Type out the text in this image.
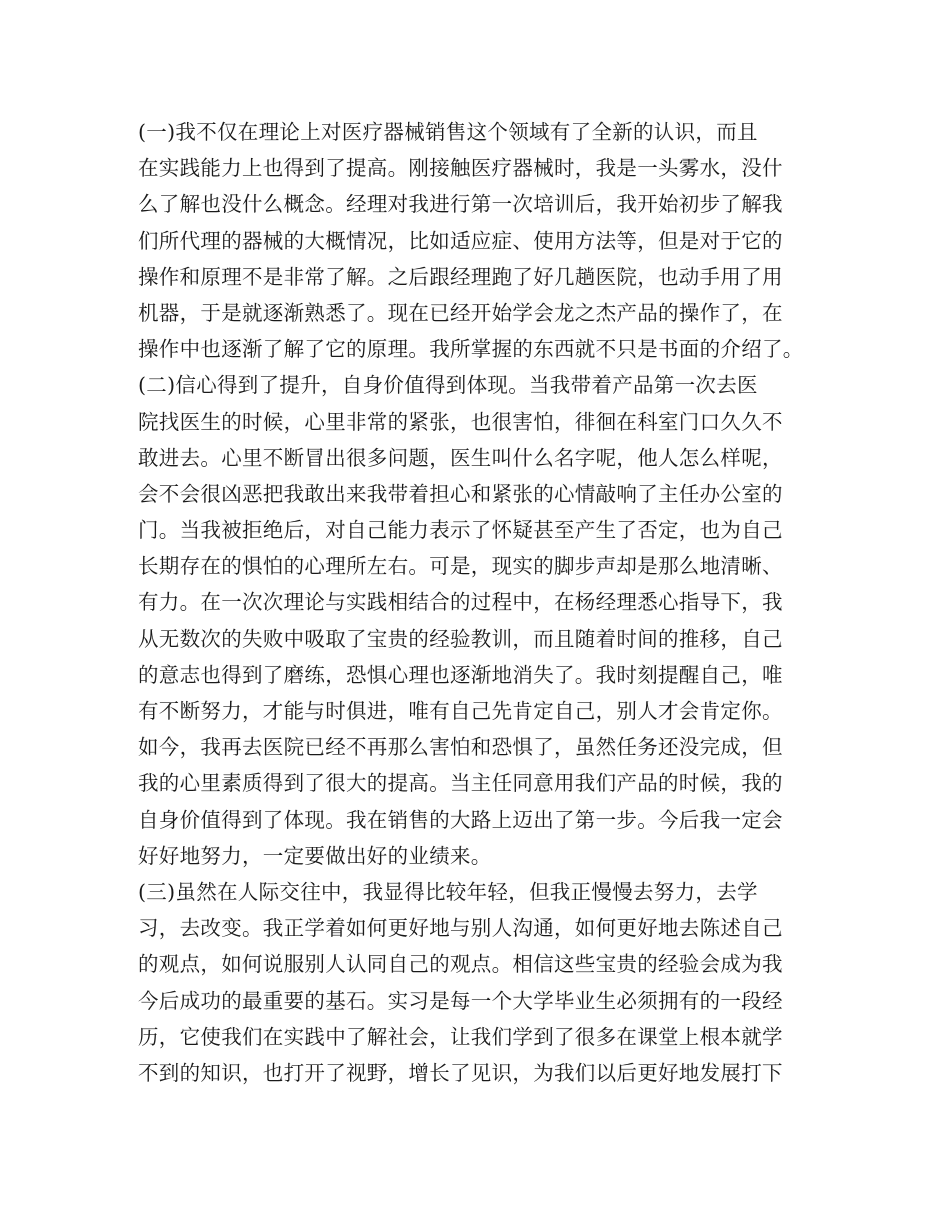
(一)我不仅在理论上对医疗器械销售这个领域有了全新的认识，而且
在实践能力上也得到了提高。刚接触医疗器械时，我是一头雾水，没什
么了解也没什么概念。经理对我进行第一次培训后，我开始初步了解我
们所代理的器械的大概情况，比如适应症、使用方法等，但是对于它的
操作和原理不是非常了解。之后跟经理跑了好几趟医院，也动手用了用
机器，于是就逐渐熟悉了。现在已经开始学会龙之杰产品的操作了，在
操作中也逐渐了解了它的原理。我所掌握的东西就不只是书面的介绍了。
(二)信心得到了提升，自身价值得到体现。当我带着产品第一次去医
院找医生的时候，心里非常的紧张，也很害怕，徘徊在科室门口久久不
敢进去。心里不断冒出很多问题，医生叫什么名字呢，他人怎么样呢，
会不会很凶恶把我敢出来我带着担心和紧张的心情敲响了主任办公室的
门。当我被拒绝后，对自己能力表示了怀疑甚至产生了否定，也为自己
长期存在的惧怕的心理所左右。可是，现实的脚步声却是那么地清晰、
有力。在一次次理论与实践相结合的过程中，在杨经理悉心指导下，我
从无数次的失败中吸取了宝贵的经验教训，而且随着时间的推移，自己
的意志也得到了磨练，恐惧心理也逐渐地消失了。我时刻提醒自己，唯
有不断努力，才能与时俱进，唯有自己先肯定自己，别人才会肯定你。
如今，我再去医院已经不再那么害怕和恐惧了，虽然任务还没完成，但
我的心里素质得到了很大的提高。当主任同意用我们产品的时候，我的
自身价值得到了体现。我在销售的大路上迈出了第一步。今后我一定会
好好地努力，一定要做出好的业绩来。
(三)虽然在人际交往中，我显得比较年轻，但我正慢慢去努力，去学
习，去改变。我正学着如何更好地与别人沟通，如何更好地去陈述自己
的观点，如何说服别人认同自己的观点。相信这些宝贵的经验会成为我
今后成功的最重要的基石。实习是每一个大学毕业生必须拥有的一段经
历，它使我们在实践中了解社会，让我们学到了很多在课堂上根本就学
不到的知识，也打开了视野，增长了见识，为我们以后更好地发展打下
